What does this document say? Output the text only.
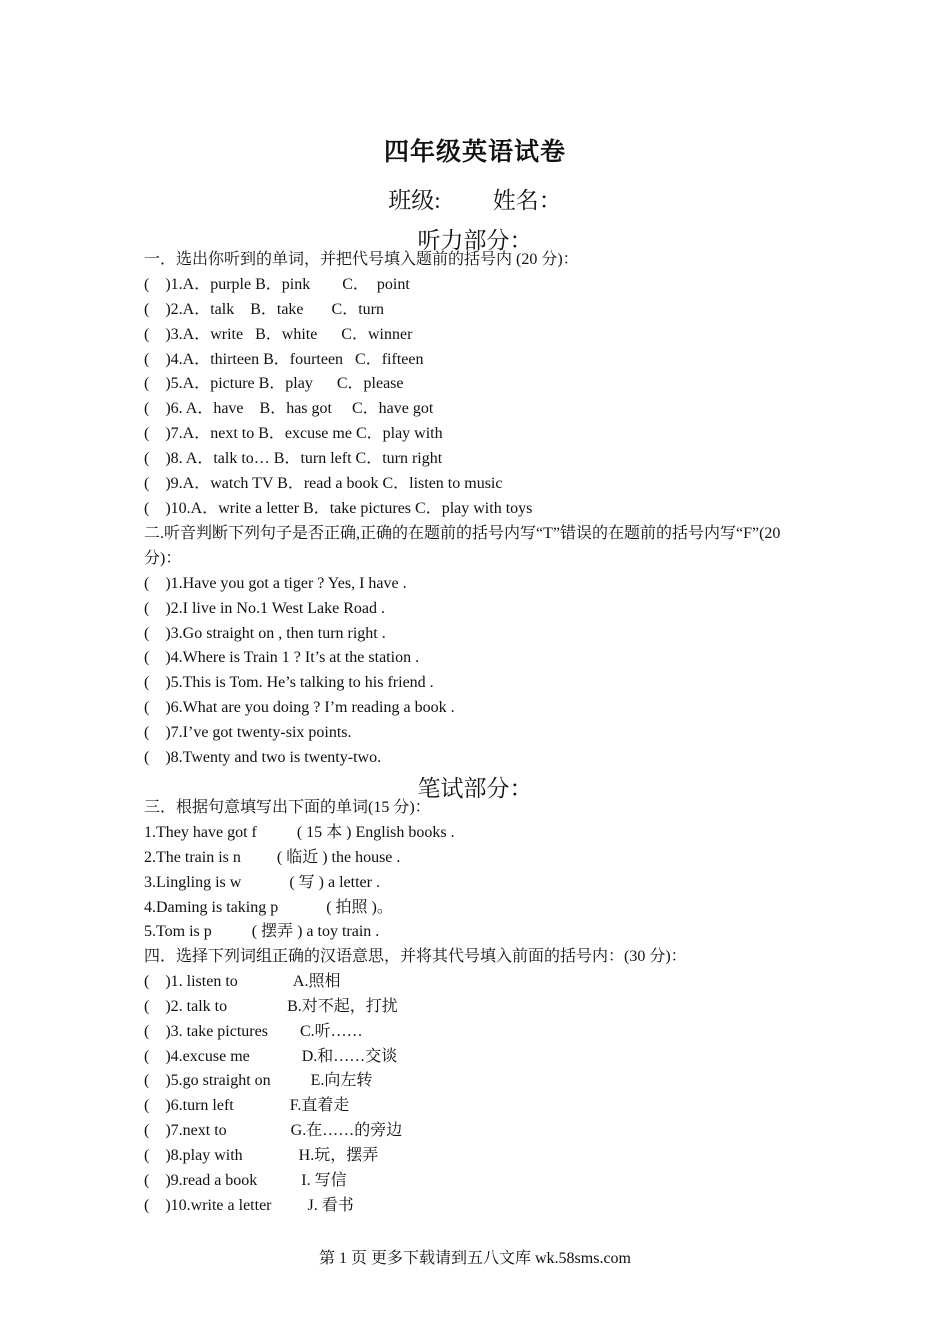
四年级英语试卷
班级: 姓名：
听力部分：
一．选出你听到的单词，并把代号填入题前的括号内 (20 分)：
(    )1.A．purple B．pink        C．  point
(    )2.A．talk    B．take       C．turn
(    )3.A．write   B．white      C．winner
(    )4.A．thirteen B．fourteen   C．fifteen
(    )5.A．picture B．play      C．please
(    )6. A．have    B．has got     C．have got
(    )7.A．next to B．excuse me C．play with
(    )8. A．talk to… B．turn left C．turn right
(    )9.A．watch TV B．read a book C．listen to music
(    )10.A．write a letter B．take pictures C．play with toys
二.听音判断下列句子是否正确,正确的在题前的括号内写“T”错误的在题前的括号内写“F”(20 分)：
(    )1.Have you got a tiger ? Yes, I have .
(    )2.I live in No.1 West Lake Road .
(    )3.Go straight on , then turn right .
(    )4.Where is Train 1 ? It’s at the station .
(    )5.This is Tom. He’s talking to his friend .
(    )6.What are you doing ? I’m reading a book .
(    )7.I’ve got twenty-six points.
(    )8.Twenty and two is twenty-two.
笔试部分：
三．根据句意填写出下面的单词(15 分)：
1.They have got f          ( 15 本 ) English books .
2.The train is n         ( 临近 ) the house .
3.Lingling is w            ( 写 ) a letter .
4.Daming is taking p            ( 拍照 )。
5.Tom is p          ( 摆弄 ) a toy train .
四．选择下列词组正确的汉语意思，并将其代号填入前面的括号内：(30 分)：
(    )1. listen to              A.照相
(    )2. talk to               B.对不起，打扰
(    )3. take pictures        C.听……
(    )4.excuse me             D.和……交谈
(    )5.go straight on          E.向左转
(    )6.turn left              F.直着走
(    )7.next to                G.在……的旁边
(    )8.play with              H.玩，摆弄
(    )9.read a book           I. 写信
(    )10.write a letter         J. 看书
第 1 页 更多下载请到五八文库 wk.58sms.com
